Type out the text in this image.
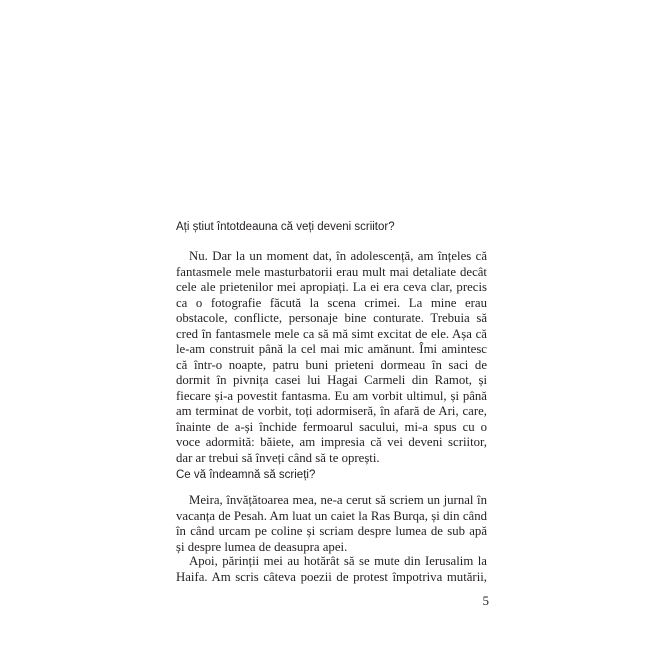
Ați știut întotdeauna că veți deveni scriitor?

Nu. Dar la un moment dat, în adolescență, am înțeles că fantasmele mele masturbatorii erau mult mai detaliate decât cele ale prietenilor mei apropiați. La ei era ceva clar, precis ca o fotografie făcută la scena crimei. La mine erau obstacole, conflicte, personaje bine conturate. Trebuia să cred în fantasmele mele ca să mă simt excitat de ele. Așa că le-am construit până la cel mai mic amănunt. Îmi amintesc că într-o noapte, patru buni prieteni dormeau în saci de dormit în pivnița casei lui Hagai Carmeli din Ramot, și fiecare și-a povestit fantasma. Eu am vorbit ultimul, și până am terminat de vorbit, toți adormiseră, în afară de Ari, care, înainte de a-și închide fermoarul sacului, mi-a spus cu o voce adormită: băiete, am impresia că vei deveni scriitor, dar ar trebui să înveți când să te oprești.

Ce vă îndeamnă să scrieți?

Meira, învățătoarea mea, ne-a cerut să scriem un jurnal în vacanța de Pesah. Am luat un caiet la Ras Burqa, și din când în când urcam pe coline și scriam despre lumea de sub apă și despre lumea de deasupra apei.

Apoi, părinții mei au hotărât să se mute din Ierusalim la Haifa. Am scris câteva poezii de protest împotriva mutării,

5
